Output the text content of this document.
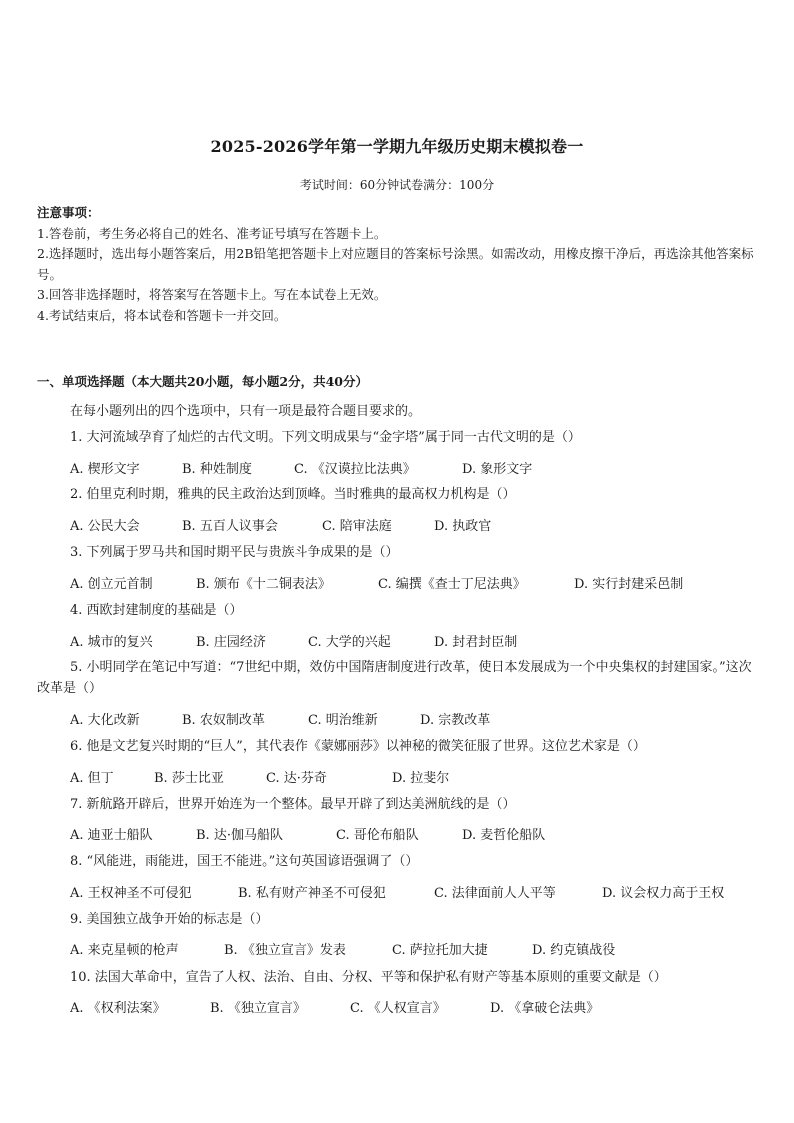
2025-2026学年第一学期九年级历史期末模拟卷一
考试时间：60分钟试卷满分：100分
注意事项：
1.答卷前，考生务必将自己的姓名、准考证号填写在答题卡上。
2.选择题时，选出每小题答案后，用2B铅笔把答题卡上对应题目的答案标号涂黑。如需改动，用橡皮擦干净后，再选涂其他答案标号。
3.回答非选择题时，将答案写在答题卡上。写在本试卷上无效。
4.考试结束后，将本试卷和答题卡一并交回。
一、单项选择题（本大题共20小题，每小题2分，共40分）
在每小题列出的四个选项中，只有一项是最符合题目要求的。
1. 大河流域孕育了灿烂的古代文明。下列文明成果与“金字塔”属于同一古代文明的是（）
A. 楔形文字	B. 种姓制度	C. 《汉谟拉比法典》	D. 象形文字
2. 伯里克利时期，雅典的民主政治达到顶峰。当时雅典的最高权力机构是（）
A. 公民大会	B. 五百人议事会	C. 陪审法庭	D. 执政官
3. 下列属于罗马共和国时期平民与贵族斗争成果的是（）
A. 创立元首制	B. 颁布《十二铜表法》	C. 编撰《查士丁尼法典》	D. 实行封建采邑制
4. 西欧封建制度的基础是（）
A. 城市的复兴	B. 庄园经济	C. 大学的兴起	D. 封君封臣制
5. 小明同学在笔记中写道：“7世纪中期，效仿中国隋唐制度进行改革，使日本发展成为一个中央集权的封建国家。”这次改革是（）
A. 大化改新	B. 农奴制改革	C. 明治维新	D. 宗教改革
6. 他是文艺复兴时期的“巨人”，其代表作《蒙娜丽莎》以神秘的微笑征服了世界。这位艺术家是（）
A. 但丁	B. 莎士比亚	C. 达·芬奇	D. 拉斐尔
7. 新航路开辟后，世界开始连为一个整体。最早开辟了到达美洲航线的是（）
A. 迪亚士船队	B. 达·伽马船队	C. 哥伦布船队	D. 麦哲伦船队
8. “风能进，雨能进，国王不能进。”这句英国谚语强调了（）
A. 王权神圣不可侵犯	B. 私有财产神圣不可侵犯	C. 法律面前人人平等	D. 议会权力高于王权
9. 美国独立战争开始的标志是（）
A. 来克星顿的枪声	B. 《独立宣言》发表	C. 萨拉托加大捷	D. 约克镇战役
10. 法国大革命中，宣告了人权、法治、自由、分权、平等和保护私有财产等基本原则的重要文献是（）
A. 《权利法案》	B. 《独立宣言》	C. 《人权宣言》	D. 《拿破仑法典》
